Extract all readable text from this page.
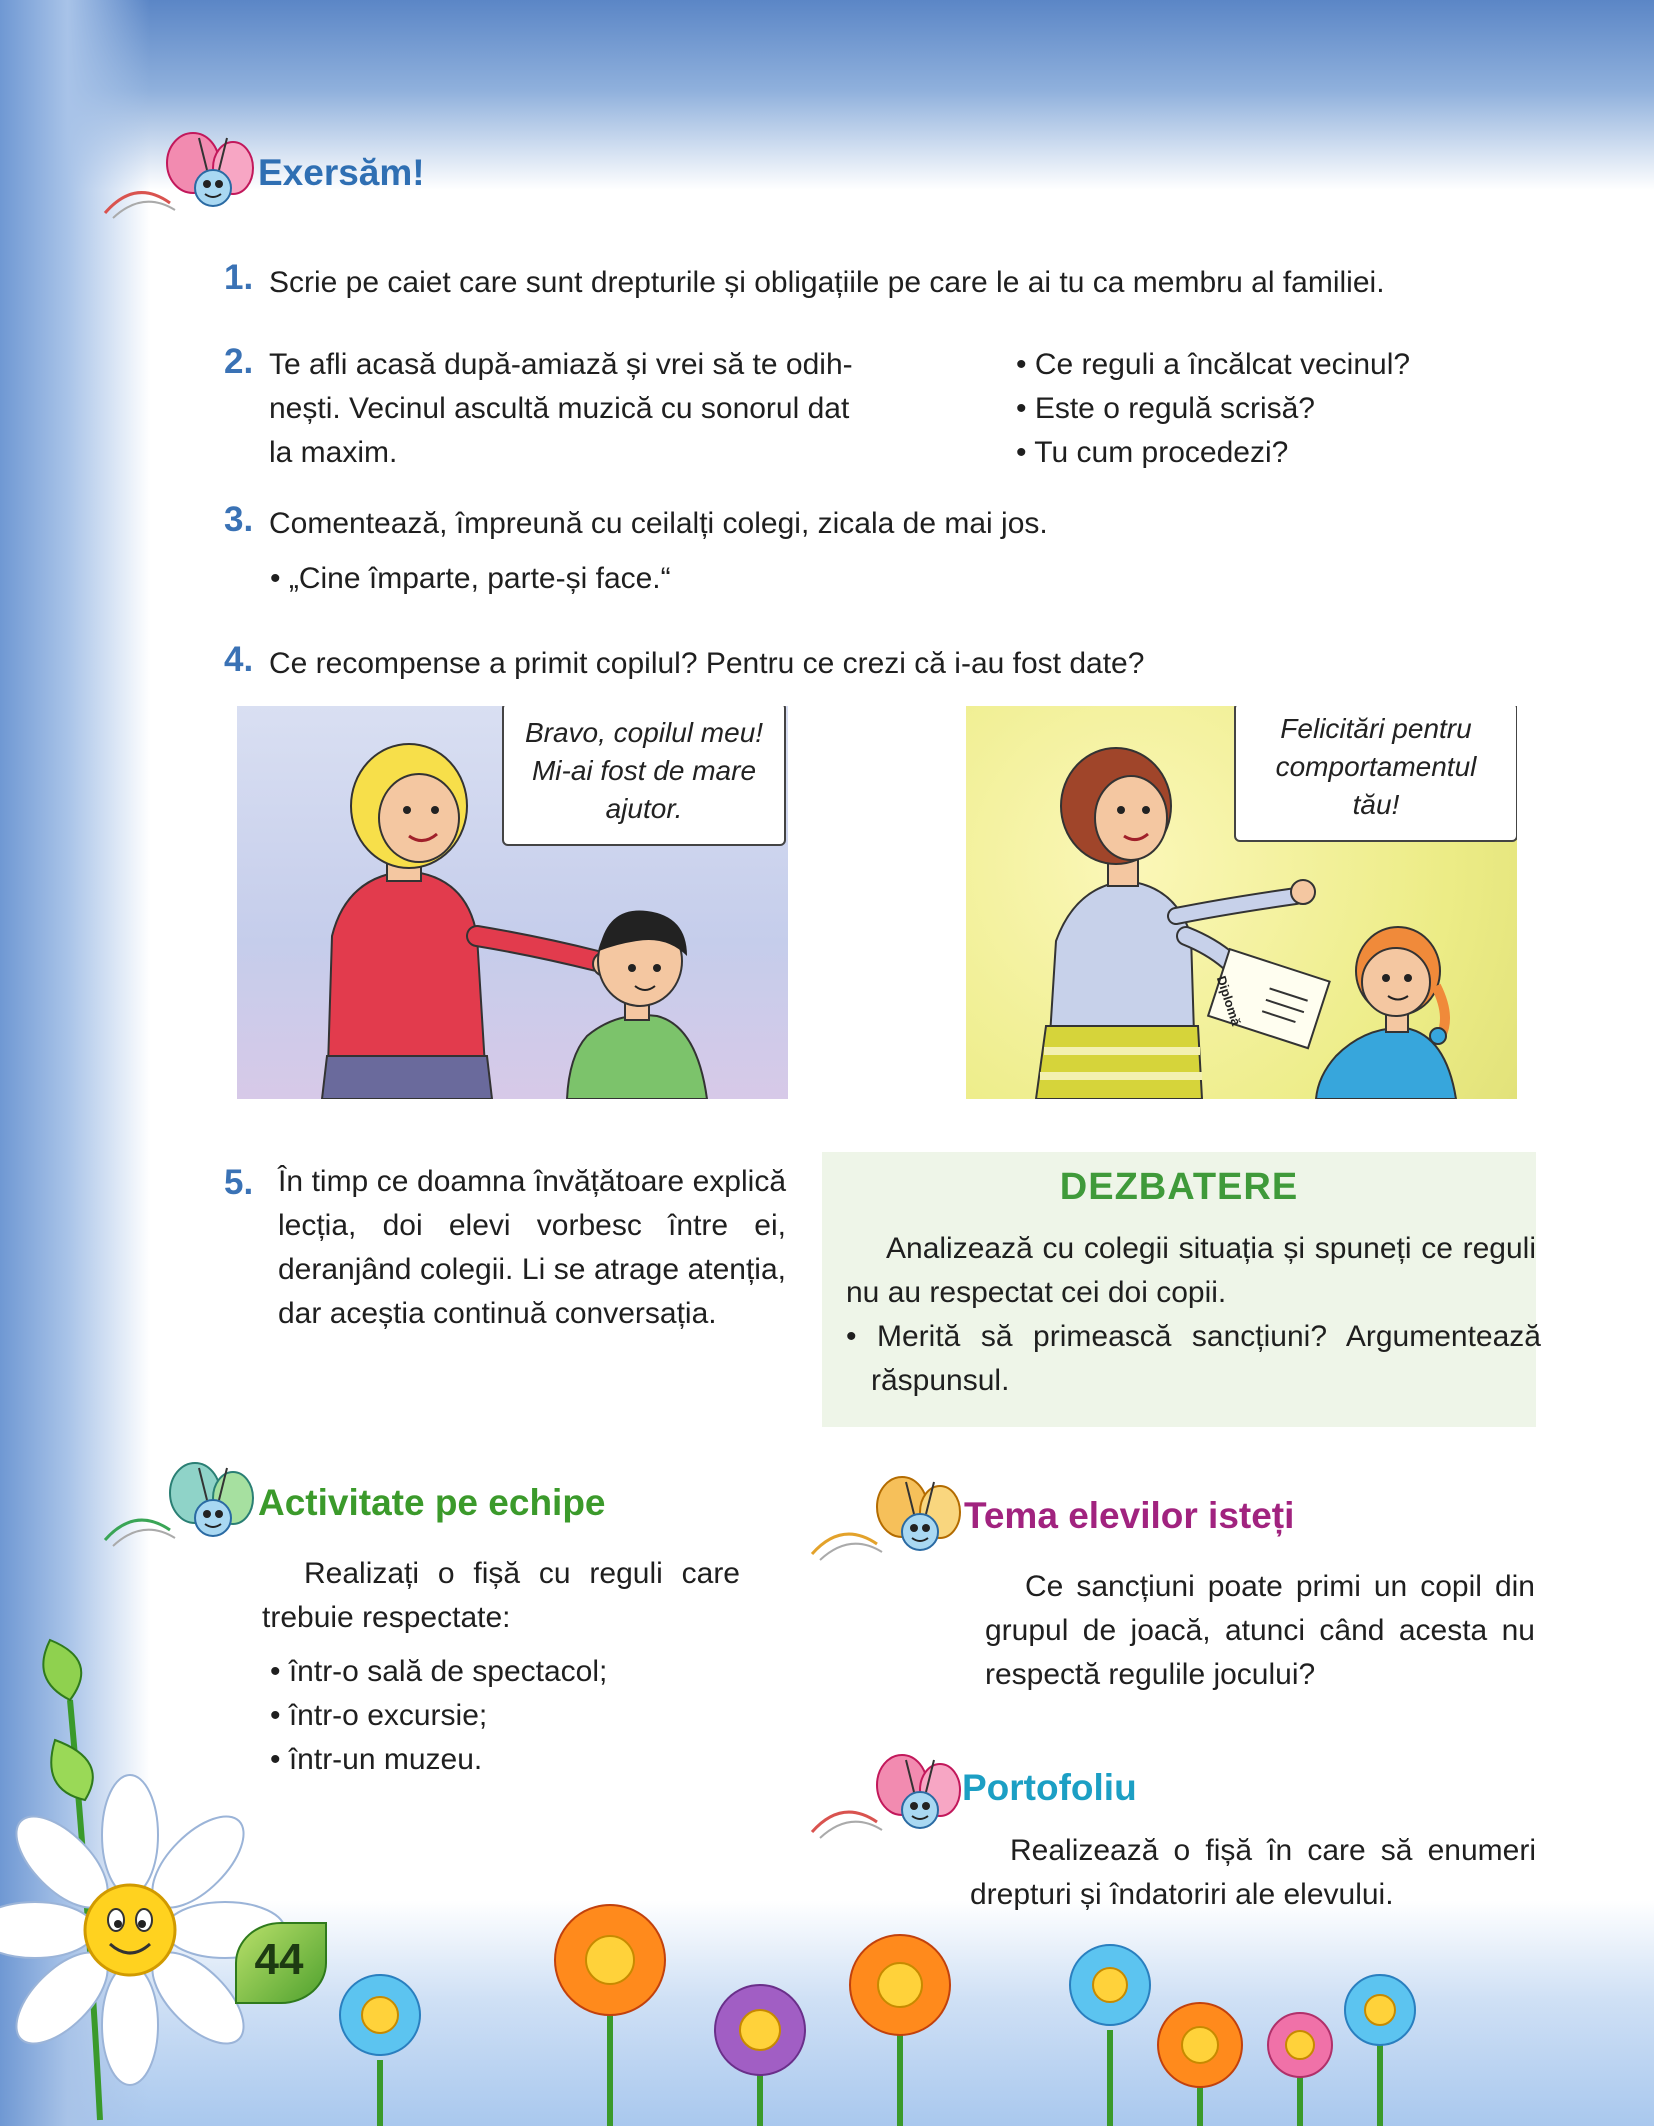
Exersăm!
1. Scrie pe caiet care sunt drepturile și obligațiile pe care le ai tu ca membru al familiei.
2. Te afli acasă după-amiază și vrei să te odih-
nești. Vecinul ascultă muzică cu sonorul dat
la maxim.
• Ce reguli a încălcat vecinul?
• Este o regulă scrisă?
• Tu cum procedezi?
3. Comentează, împreună cu ceilalți colegi, zicala de mai jos.
• „Cine împarte, parte-și face.“
4. Ce recompense a primit copilul? Pentru ce crezi că i-au fost date?
Bravo, copilul meu!
Mi-ai fost de mare
ajutor.
Diplomă
Felicitări pentru
comportamentul
tău!
5. În timp ce doamna învățătoare explică lecția, doi elevi vorbesc între ei, deranjând colegii. Li se atrage atenția, dar aceștia continuă conversația.
DEZBATERE
Analizează cu colegii situația și spuneți ce reguli nu au respectat cei doi copii.
• Merită să primească sancțiuni? Argumentează răspunsul.
Activitate pe echipe
Realizați o fișă cu reguli care trebuie respectate:
• într-o sală de spectacol;
• într-o excursie;
• într-un muzeu.
Tema elevilor isteți
Ce sancțiuni poate primi un copil din grupul de joacă, atunci când acesta nu respectă regulile jocului?
Portofoliu
Realizează o fișă în care să enumeri drepturi și îndatoriri ale elevului.
44
